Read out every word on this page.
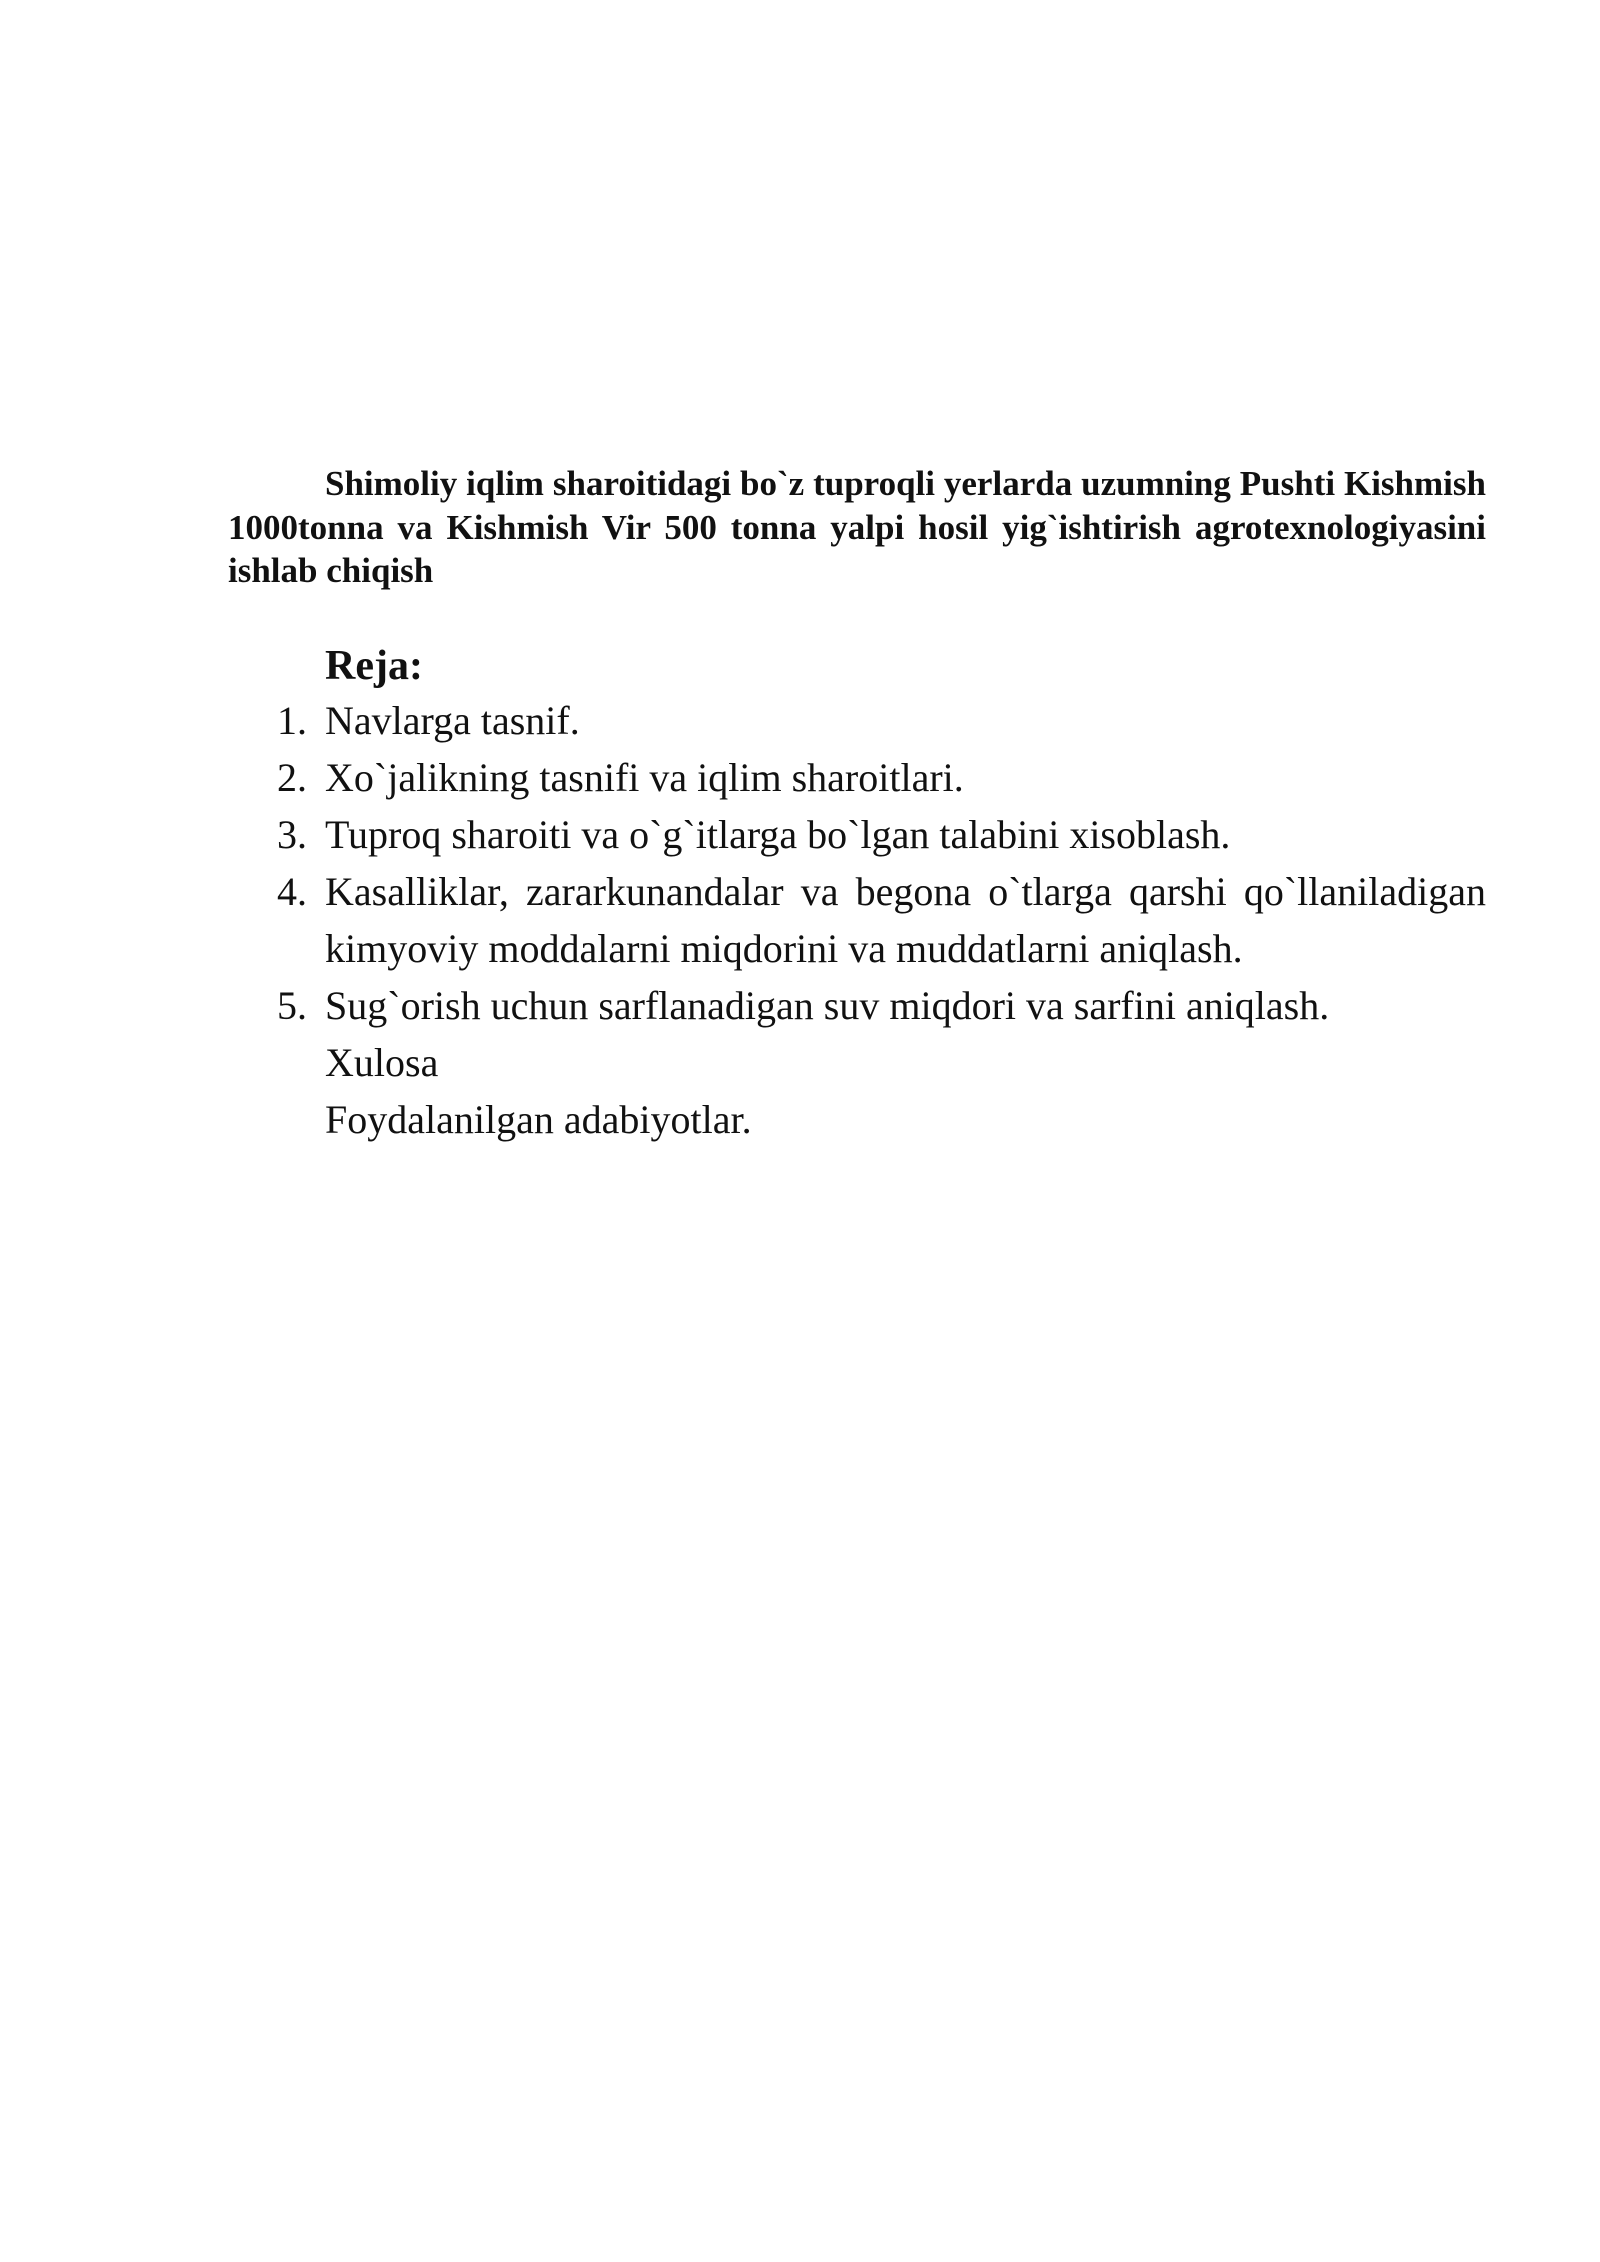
Shimoliy iqlim sharoitidagi bo`z tuproqli yerlarda uzumning Pushti Kishmish 1000tonna va Kishmish Vir 500 tonna yalpi hosil yig`ishtirish agrotexnologiyasini ishlab chiqish

Reja:

1. Navlarga tasnif.
2. Xo`jalikning tasnifi va iqlim sharoitlari.
3. Tuproq sharoiti va o`g`itlarga bo`lgan talabini xisoblash.
4. Kasalliklar, zararkunandalar va begona o`tlarga qarshi qo`llaniladigan kimyoviy moddalarni miqdorini va muddatlarni aniqlash.
5. Sug`orish uchun sarflanadigan suv miqdori va sarfini aniqlash.
Xulosa
Foydalanilgan adabiyotlar.
